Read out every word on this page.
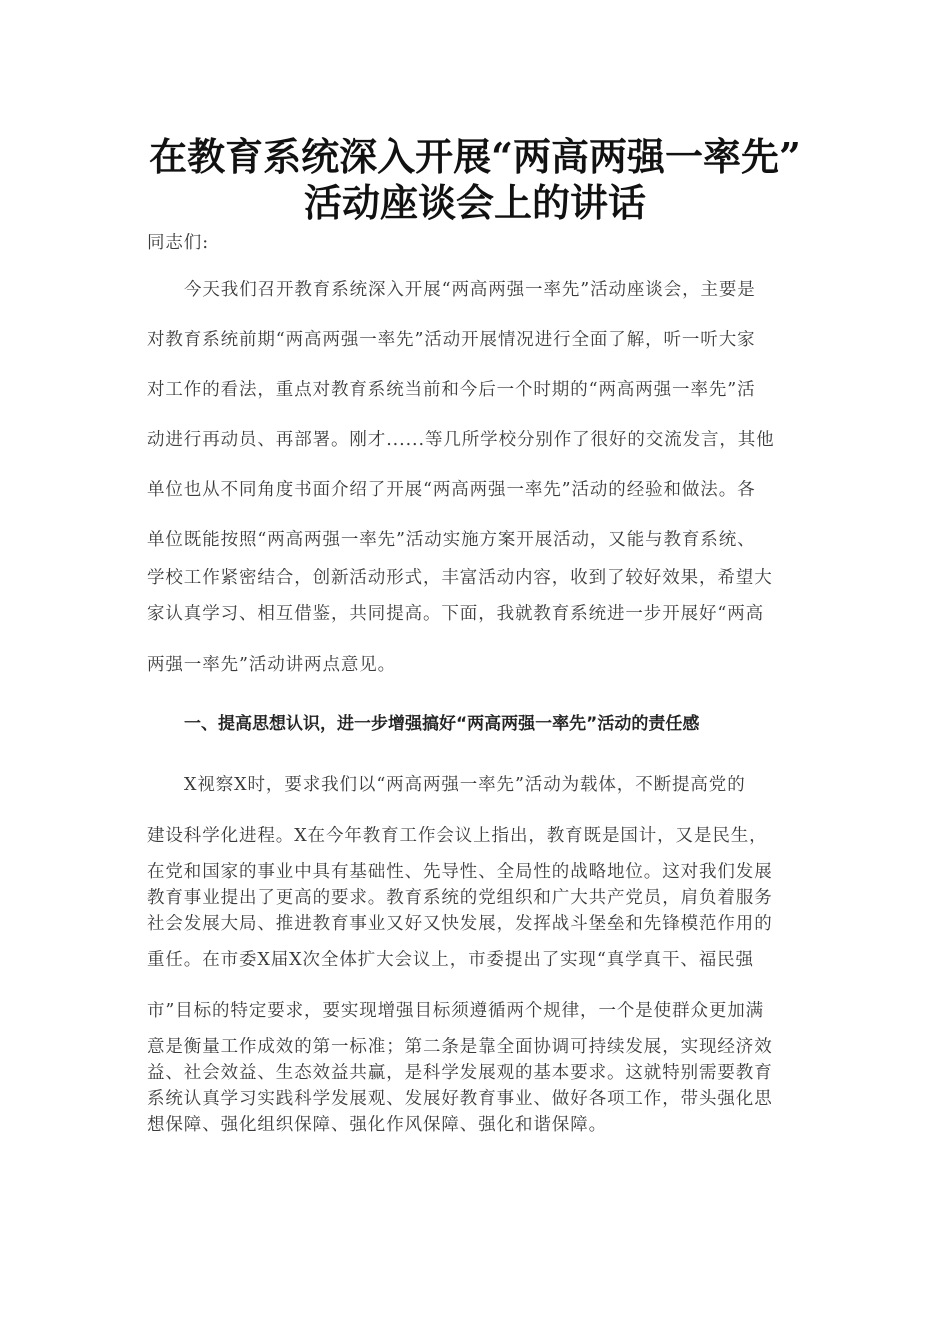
在教育系统深入开展“两高两强一率先”
活动座谈会上的讲话
同志们:
今天我们召开教育系统深入开展“两高两强一率先”活动座谈会，主要是
对教育系统前期“两高两强一率先”活动开展情况进行全面了解，听一听大家
对工作的看法，重点对教育系统当前和今后一个时期的“两高两强一率先”活
动进行再动员、再部署。刚才......等几所学校分别作了很好的交流发言，其他
单位也从不同角度书面介绍了开展“两高两强一率先”活动的经验和做法。各
单位既能按照“两高两强一率先”活动实施方案开展活动，又能与教育系统、
学校工作紧密结合，创新活动形式，丰富活动内容，收到了较好效果，希望大
家认真学习、相互借鉴，共同提高。下面，我就教育系统进一步开展好“两高
两强一率先”活动讲两点意见。
一、提高思想认识，进一步增强搞好“两高两强一率先”活动的责任感
X视察X时，要求我们以“两高两强一率先”活动为载体，不断提高党的
建设科学化进程。X在今年教育工作会议上指出，教育既是国计，又是民生，
在党和国家的事业中具有基础性、先导性、全局性的战略地位。这对我们发展
教育事业提出了更高的要求。教育系统的党组织和广大共产党员，肩负着服务
社会发展大局、推进教育事业又好又快发展，发挥战斗堡垒和先锋模范作用的
重任。在市委X届X次全体扩大会议上，市委提出了实现“真学真干、福民强
市”目标的特定要求，要实现增强目标须遵循两个规律，一个是使群众更加满
意是衡量工作成效的第一标准；第二条是靠全面协调可持续发展，实现经济效
益、社会效益、生态效益共赢，是科学发展观的基本要求。这就特别需要教育
系统认真学习实践科学发展观、发展好教育事业、做好各项工作，带头强化思
想保障、强化组织保障、强化作风保障、强化和谐保障。
